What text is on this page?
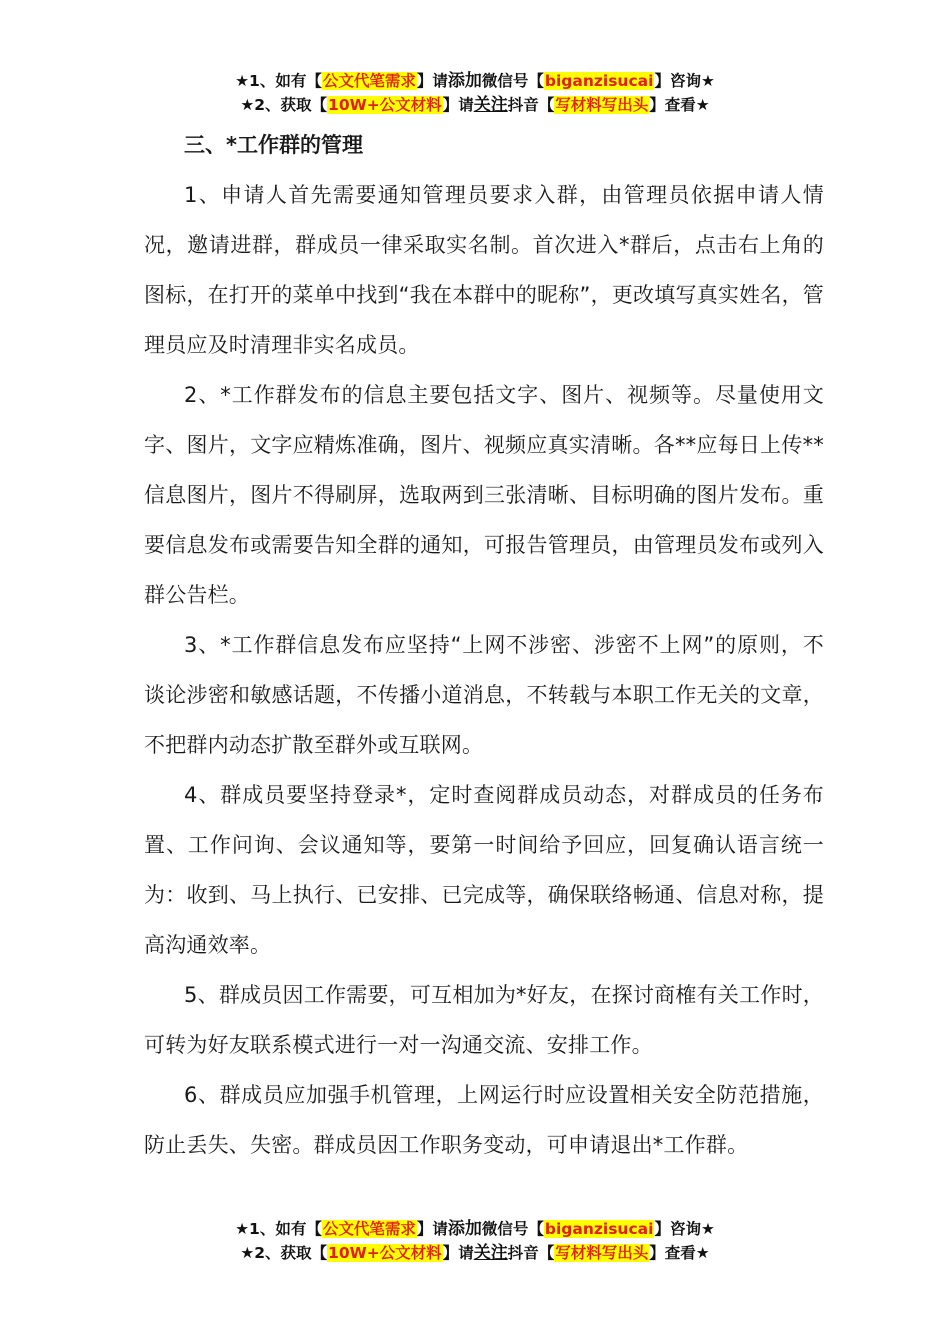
★1、如有【公文代笔需求】请添加微信号【biganzisucai】咨询★
★2、获取【10W+公文材料】请关注抖音【写材料写出头】查看★

三、*工作群的管理

1、申请人首先需要通知管理员要求入群，由管理员依据申请人情况，邀请进群，群成员一律采取实名制。首次进入*群后，点击右上角的图标，在打开的菜单中找到“我在本群中的昵称”，更改填写真实姓名，管理员应及时清理非实名成员。

2、*工作群发布的信息主要包括文字、图片、视频等。尽量使用文字、图片，文字应精炼准确，图片、视频应真实清晰。各**应每日上传**信息图片，图片不得刷屏，选取两到三张清晰、目标明确的图片发布。重要信息发布或需要告知全群的通知，可报告管理员，由管理员发布或列入群公告栏。

3、*工作群信息发布应坚持“上网不涉密、涉密不上网”的原则，不谈论涉密和敏感话题，不传播小道消息，不转载与本职工作无关的文章，不把群内动态扩散至群外或互联网。

4、群成员要坚持登录*，定时查阅群成员动态，对群成员的任务布置、工作问询、会议通知等，要第一时间给予回应，回复确认语言统一为：收到、马上执行、已安排、已完成等，确保联络畅通、信息对称，提高沟通效率。

5、群成员因工作需要，可互相加为*好友，在探讨商榷有关工作时，可转为好友联系模式进行一对一沟通交流、安排工作。

6、群成员应加强手机管理，上网运行时应设置相关安全防范措施，防止丢失、失密。群成员因工作职务变动，可申请退出*工作群。

★1、如有【公文代笔需求】请添加微信号【biganzisucai】咨询★
★2、获取【10W+公文材料】请关注抖音【写材料写出头】查看★
